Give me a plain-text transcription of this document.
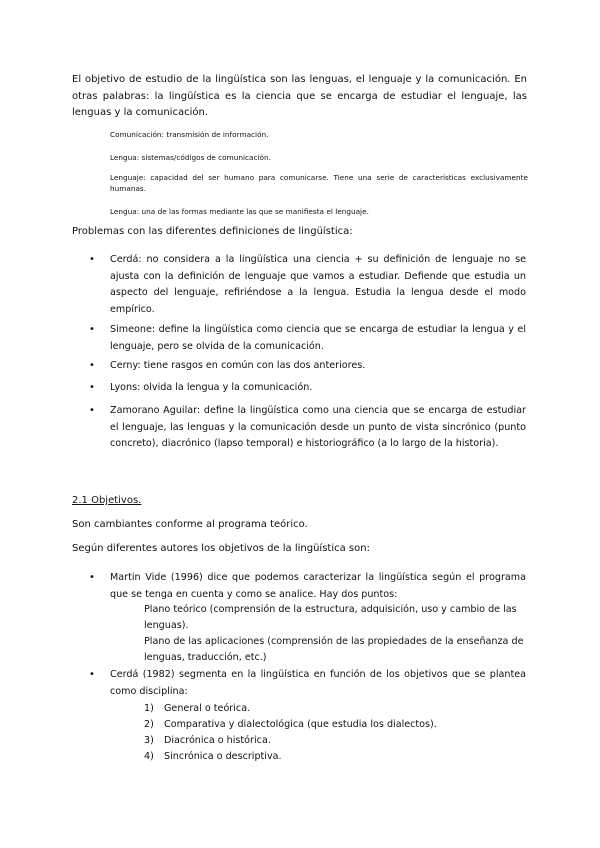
El objetivo de estudio de la lingüística son las lenguas, el lenguaje y la comunicación. En otras palabras: la lingüística es la ciencia que se encarga de estudiar el lenguaje, las lenguas y la comunicación.
Comunicación: transmisión de información.
Lengua: sistemas/códigos de comunicación.
Lenguaje: capacidad del ser humano para comunicarse. Tiene una serie de características exclusivamente humanas.
Lengua: una de las formas mediante las que se manifiesta el lenguaje.
Problemas con las diferentes definiciones de lingüística:
• Cerdá: no considera a la lingüística una ciencia + su definición de lenguaje no se ajusta con la definición de lenguaje que vamos a estudiar. Defiende que estudia un aspecto del lenguaje, refiriéndose a la lengua. Estudia la lengua desde el modo empírico.
• Simeone: define la lingüística como ciencia que se encarga de estudiar la lengua y el lenguaje, pero se olvida de la comunicación.
• Cerny: tiene rasgos en común con las dos anteriores.
• Lyons: olvida la lengua y la comunicación.
• Zamorano Aguilar: define la lingüística como una ciencia que se encarga de estudiar el lenguaje, las lenguas y la comunicación desde un punto de vista sincrónico (punto concreto), diacrónico (lapso temporal) e historiográfico (a lo largo de la historia).
2.1 Objetivos.
Son cambiantes conforme al programa teórico.
Según diferentes autores los objetivos de la lingüística son:
• Martin Vide (1996) dice que podemos caracterizar la lingüística según el programa que se tenga en cuenta y como se analice. Hay dos puntos:
Plano teórico (comprensión de la estructura, adquisición, uso y cambio de las lenguas).
Plano de las aplicaciones (comprensión de las propiedades de la enseñanza de lenguas, traducción, etc.)
• Cerdá (1982) segmenta en la lingüística en función de los objetivos que se plantea como disciplina:
1) General o teórica.
2) Comparativa y dialectológica (que estudia los dialectos).
3) Diacrónica o histórica.
4) Sincrónica o descriptiva.
